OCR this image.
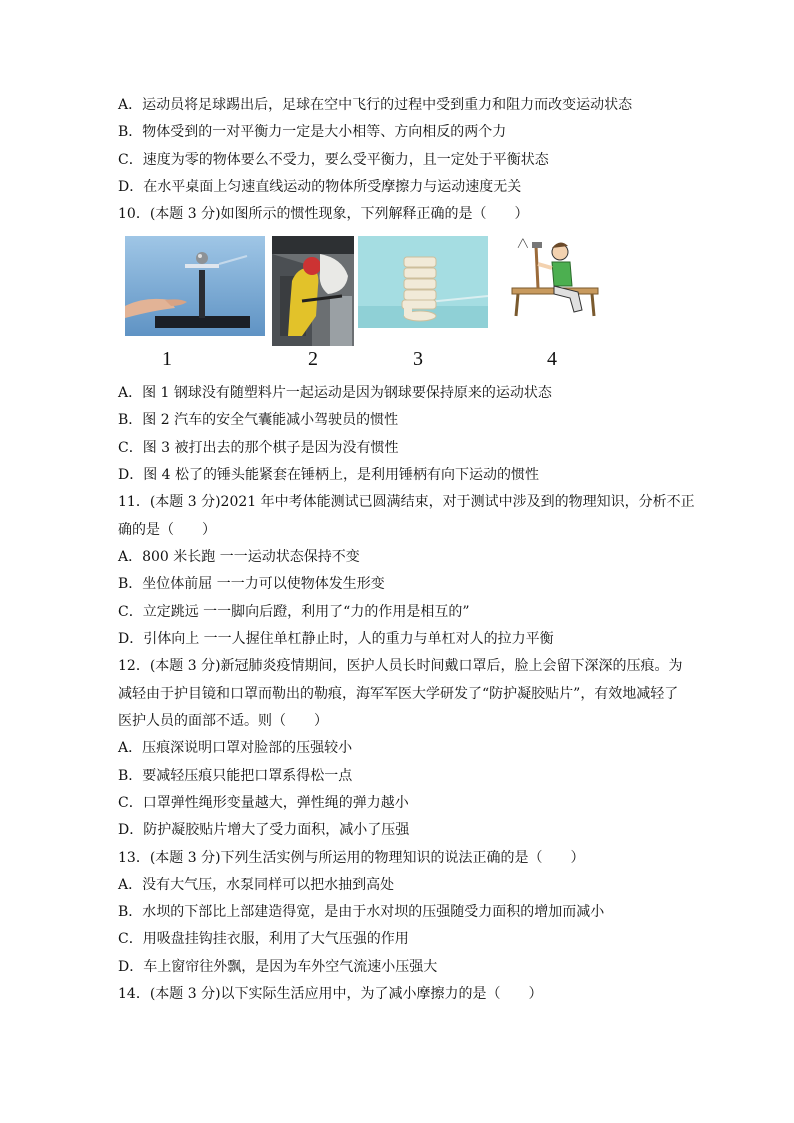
A．运动员将足球踢出后，足球在空中飞行的过程中受到重力和阻力而改变运动状态
B．物体受到的一对平衡力一定是大小相等、方向相反的两个力
C．速度为零的物体要么不受力，要么受平衡力，且一定处于平衡状态
D．在水平桌面上匀速直线运动的物体所受摩擦力与运动速度无关
10．(本题 3 分)如图所示的惯性现象，下列解释正确的是（　　）
╱╲
1	2	3	4
A．图 1 钢球没有随塑料片一起运动是因为钢球要保持原来的运动状态
B．图 2 汽车的安全气囊能减小驾驶员的惯性
C．图 3 被打出去的那个棋子是因为没有惯性
D．图 4 松了的锤头能紧套在锤柄上，是利用锤柄有向下运动的惯性
11．(本题 3 分)2021 年中考体能测试已圆满结束，对于测试中涉及到的物理知识，分析不正
确的是（　　）
A．800 米长跑 一一运动状态保持不变
B．坐位体前屈 一一力可以使物体发生形变
C．立定跳远 一一脚向后蹬，利用了“力的作用是相互的”
D．引体向上 一一人握住单杠静止时，人的重力与单杠对人的拉力平衡
12．(本题 3 分)新冠肺炎疫情期间，医护人员长时间戴口罩后，脸上会留下深深的压痕。为
减轻由于护目镜和口罩而勒出的勒痕，海军军医大学研发了“防护凝胶贴片”，有效地减轻了
医护人员的面部不适。则（　　）
A．压痕深说明口罩对脸部的压强较小
B．要减轻压痕只能把口罩系得松一点
C．口罩弹性绳形变量越大，弹性绳的弹力越小
D．防护凝胶贴片增大了受力面积，减小了压强
13．(本题 3 分)下列生活实例与所运用的物理知识的说法正确的是（　　）
A．没有大气压，水泵同样可以把水抽到高处
B．水坝的下部比上部建造得宽，是由于水对坝的压强随受力面积的增加而减小
C．用吸盘挂钩挂衣服，利用了大气压强的作用
D．车上窗帘往外飘，是因为车外空气流速小压强大
14．(本题 3 分)以下实际生活应用中，为了减小摩擦力的是（　　）
